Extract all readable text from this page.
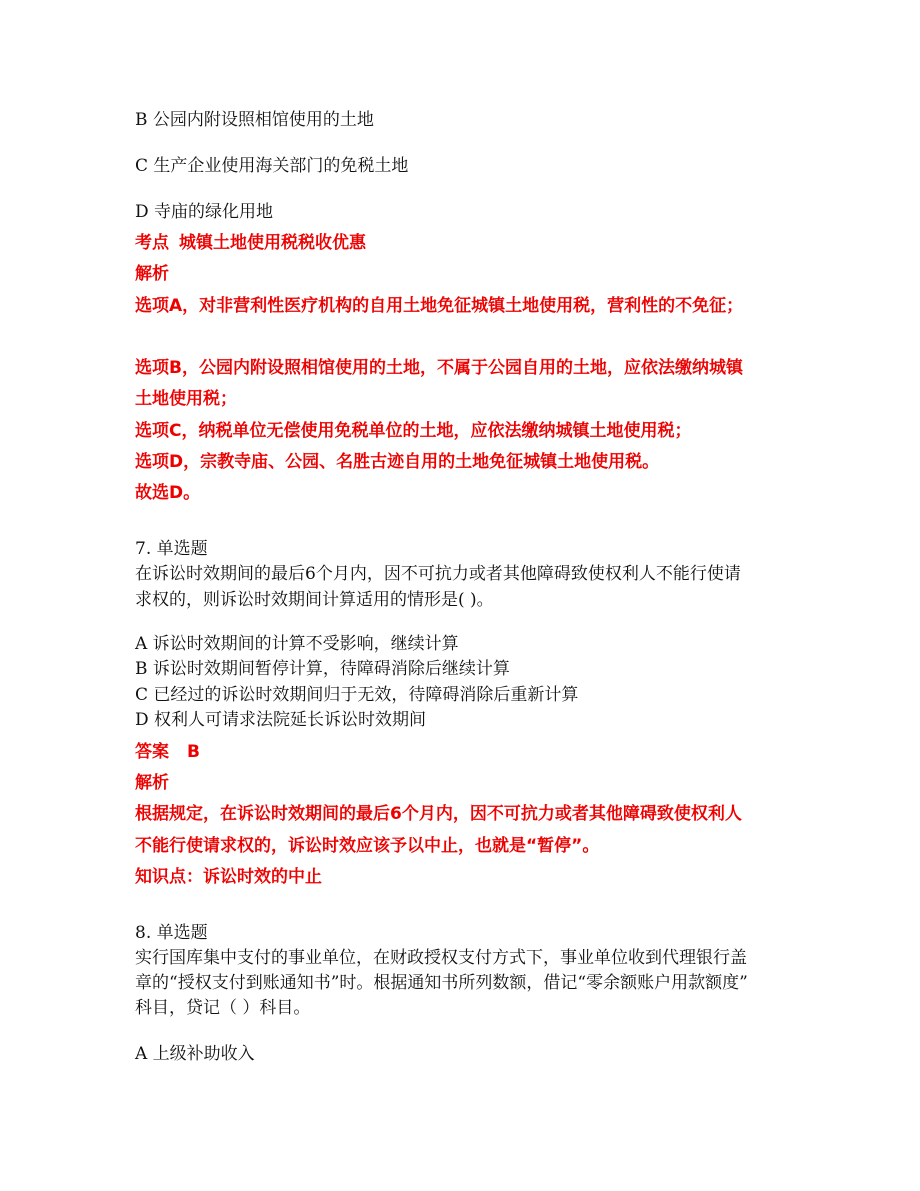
B 公园内附设照相馆使用的土地
C 生产企业使用海关部门的免税土地
D 寺庙的绿化用地
考点 城镇土地使用税税收优惠
解析
选项A，对非营利性医疗机构的自用土地免征城镇土地使用税，营利性的不免征；
选项B，公园内附设照相馆使用的土地，不属于公园自用的土地，应依法缴纳城镇
土地使用税；
选项C，纳税单位无偿使用免税单位的土地，应依法缴纳城镇土地使用税；
选项D，宗教寺庙、公园、名胜古迹自用的土地免征城镇土地使用税。
故选D。
7. 单选题
在诉讼时效期间的最后6个月内，因不可抗力或者其他障碍致使权利人不能行使请
求权的，则诉讼时效期间计算适用的情形是( )。
A 诉讼时效期间的计算不受影响，继续计算
B 诉讼时效期间暂停计算，待障碍消除后继续计算
C 已经过的诉讼时效期间归于无效，待障碍消除后重新计算
D 权利人可请求法院延长诉讼时效期间
答案 B
解析
根据规定，在诉讼时效期间的最后6个月内，因不可抗力或者其他障碍致使权利人
不能行使请求权的，诉讼时效应该予以中止，也就是“暂停”。
知识点：诉讼时效的中止
8. 单选题
实行国库集中支付的事业单位，在财政授权支付方式下，事业单位收到代理银行盖
章的“授权支付到账通知书”时。根据通知书所列数额，借记“零余额账户用款额度”
科目，贷记（ ）科目。
A 上级补助收入
